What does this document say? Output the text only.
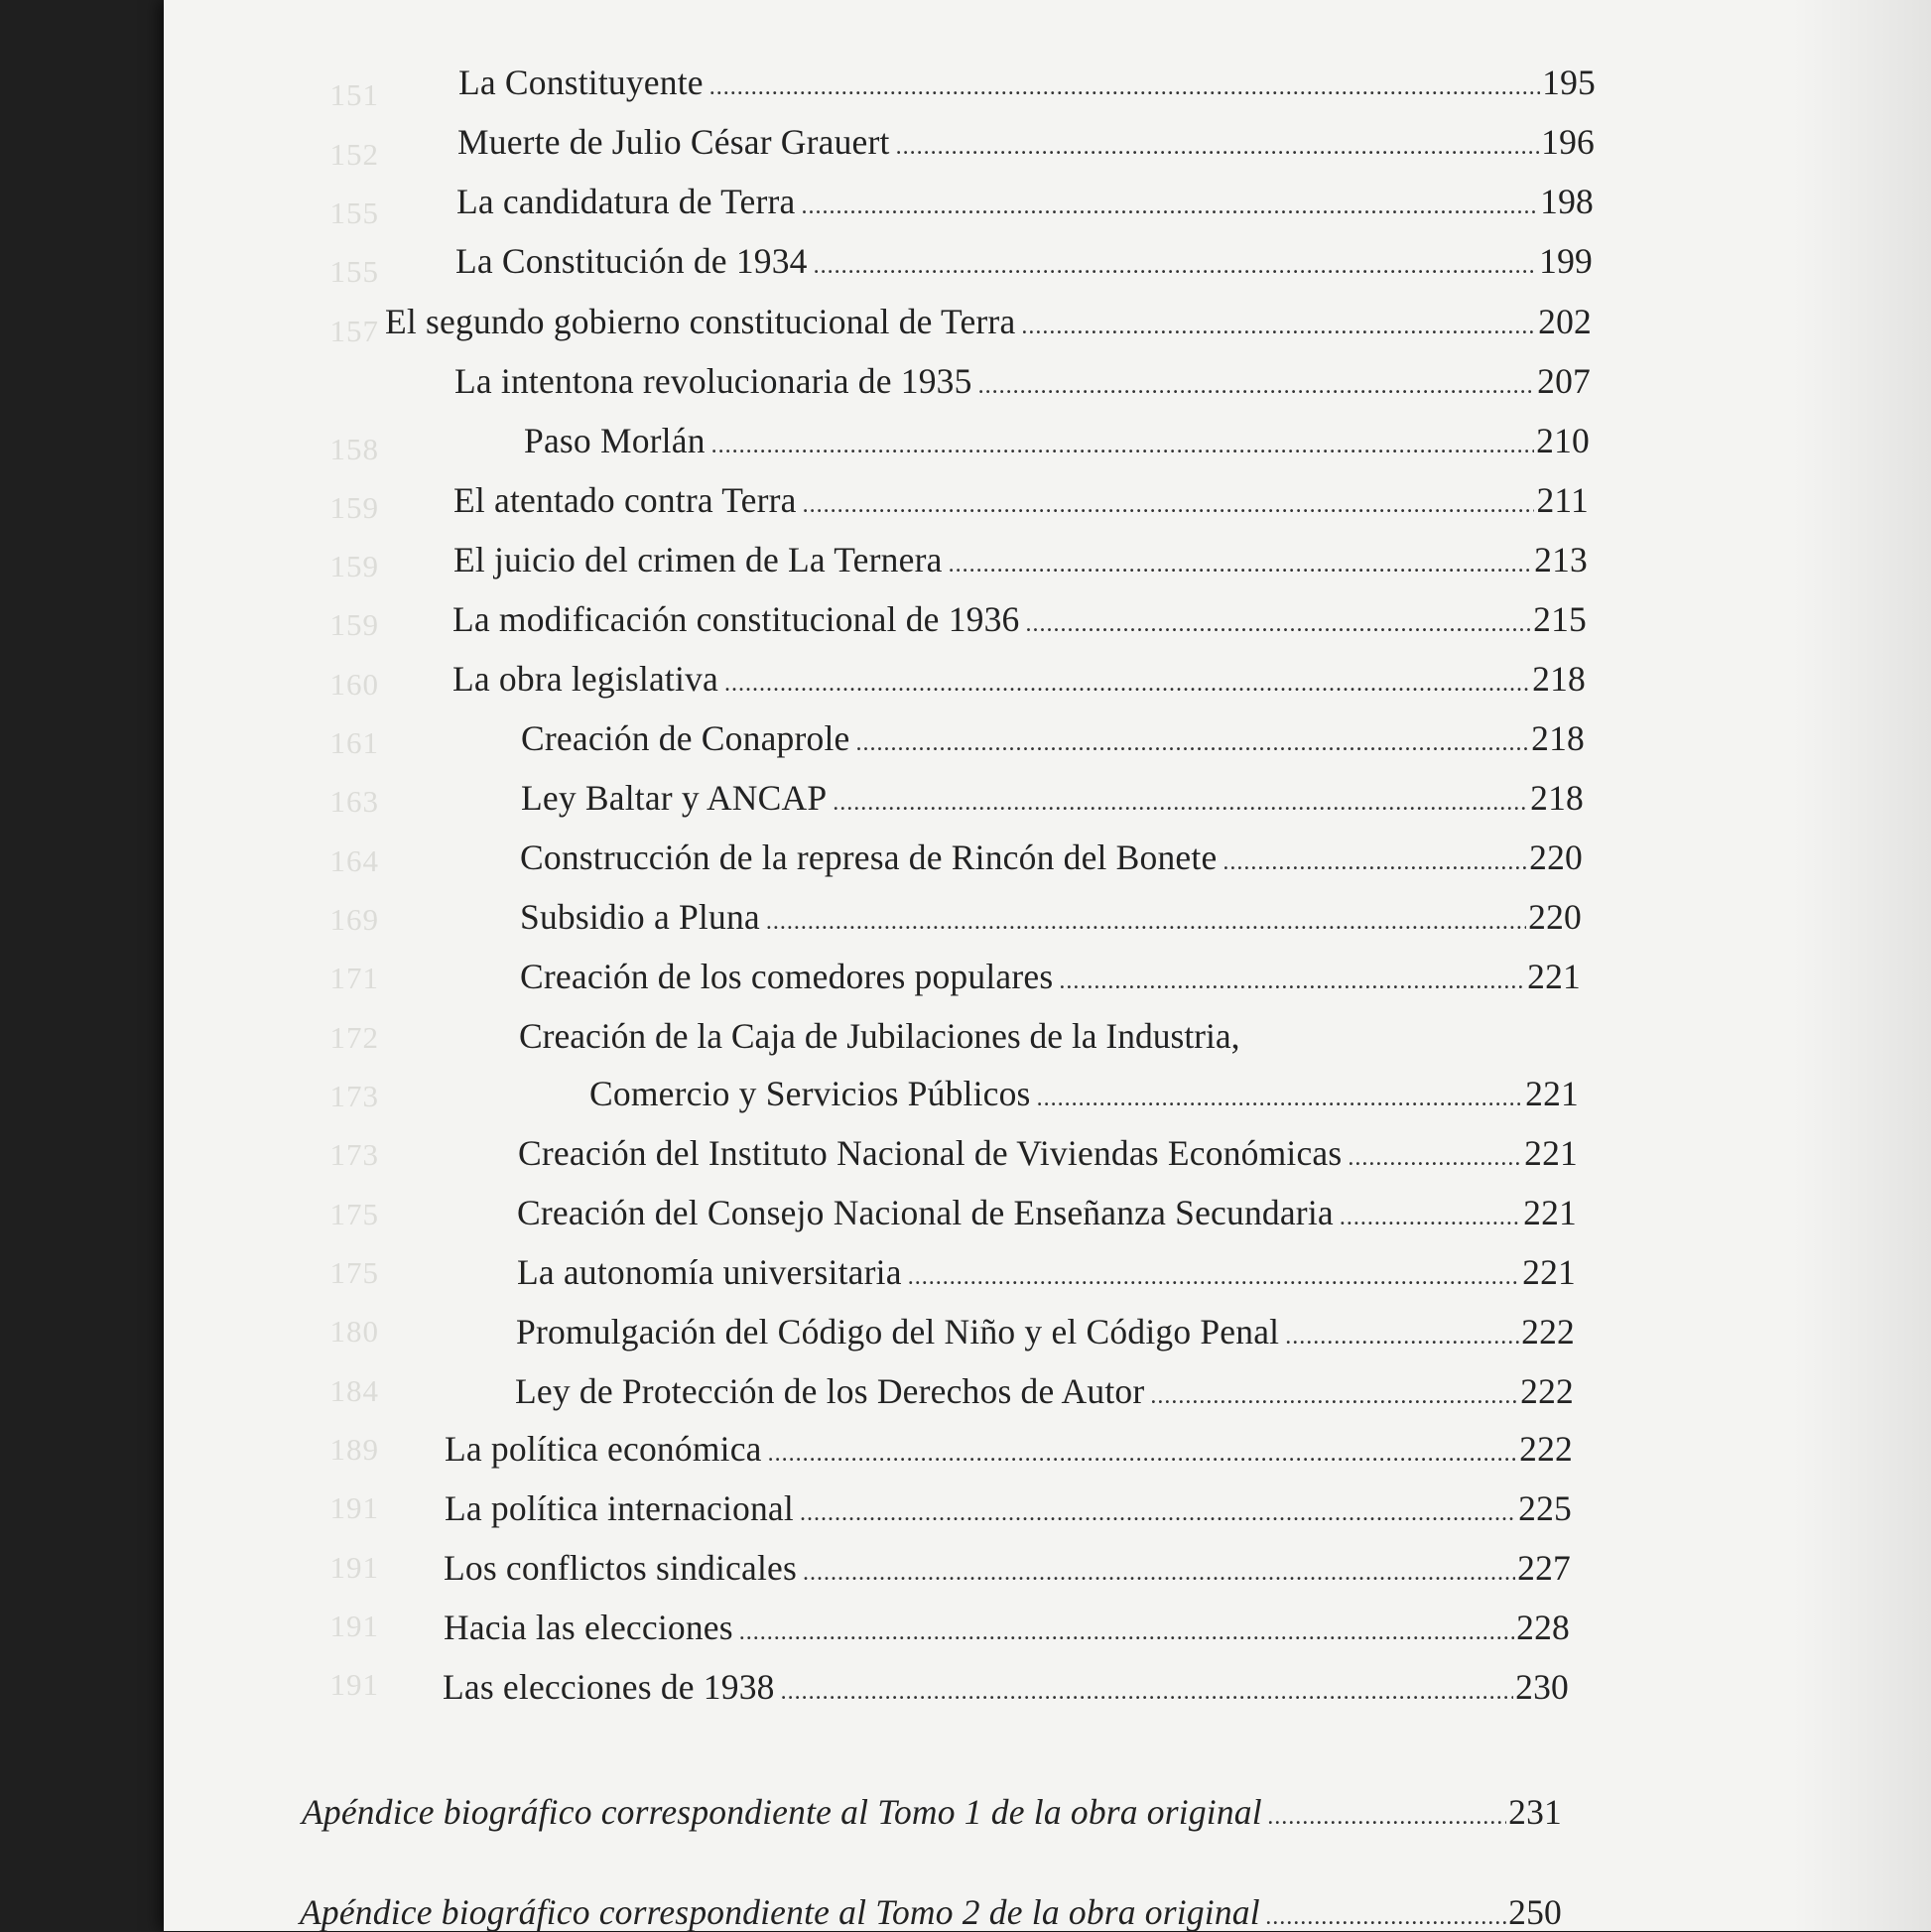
151
152
155
155
157
158
159
159
159
160
161
163
164
169
171
172
173
173
175
175
180
184
189
191
191
191
191
La Constituyente .....	195
Muerte de Julio César Grauert .....	196
La candidatura de Terra .....	198
La Constitución de 1934 .....	199
El segundo gobierno constitucional de Terra .....	202
La intentona revolucionaria de 1935 .....	207
Paso Morlán .....	210
El atentado contra Terra .....	211
El juicio del crimen de La Ternera .....	213
La modificación constitucional de 1936 .....	215
La obra legislativa .....	218
Creación de Conaprole .....	218
Ley Baltar y ANCAP .....	218
Construcción de la represa de Rincón del Bonete .....	220
Subsidio a Pluna .....	220
Creación de los comedores populares .....	221
Creación de la Caja de Jubilaciones de la Industria,
Comercio y Servicios Públicos .....	221
Creación del Instituto Nacional de Viviendas Económicas .....	221
Creación del Consejo Nacional de Enseñanza Secundaria .....	221
La autonomía universitaria .....	221
Promulgación del Código del Niño y el Código Penal .....	222
Ley de Protección de los Derechos de Autor .....	222
La política económica .....	222
La política internacional .....	225
Los conflictos sindicales .....	227
Hacia las elecciones .....	228
Las elecciones de 1938 .....	230
Apéndice biográfico correspondiente al Tomo 1 de la obra original .....	231
Apéndice biográfico correspondiente al Tomo 2 de la obra original .....	250
